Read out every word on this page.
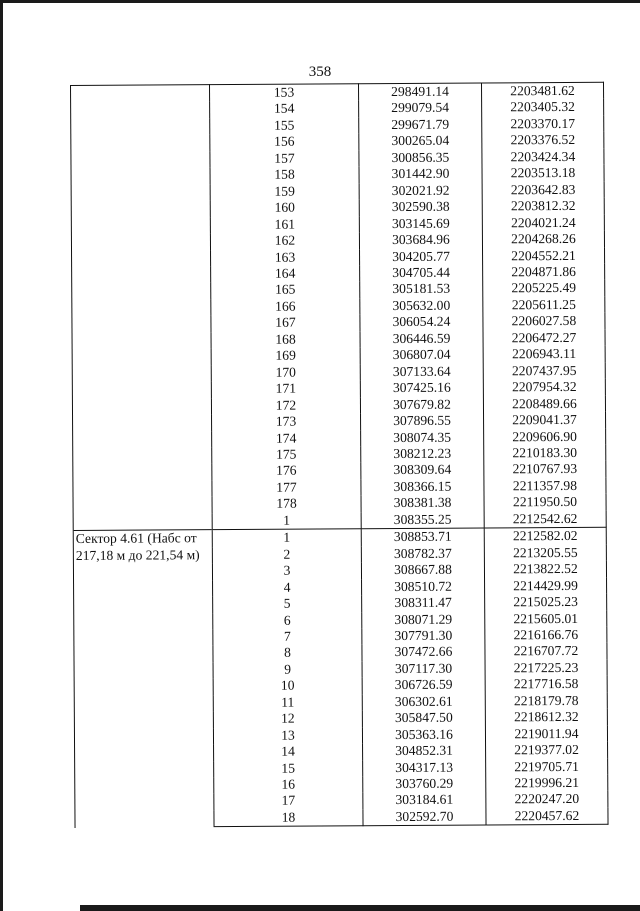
358
	153	298491.14	2203481.62
	154	299079.54	2203405.32
	155	299671.79	2203370.17
	156	300265.04	2203376.52
	157	300856.35	2203424.34
	158	301442.90	2203513.18
	159	302021.92	2203642.83
	160	302590.38	2203812.32
	161	303145.69	2204021.24
	162	303684.96	2204268.26
	163	304205.77	2204552.21
	164	304705.44	2204871.86
	165	305181.53	2205225.49
	166	305632.00	2205611.25
	167	306054.24	2206027.58
	168	306446.59	2206472.27
	169	306807.04	2206943.11
	170	307133.64	2207437.95
	171	307425.16	2207954.32
	172	307679.82	2208489.66
	173	307896.55	2209041.37
	174	308074.35	2209606.90
	175	308212.23	2210183.30
	176	308309.64	2210767.93
	177	308366.15	2211357.98
	178	308381.38	2211950.50
	1	308355.25	2212542.62
Сектор 4.61 (Набс от 217,18 м до 221,54 м)	1	308853.71	2212582.02
	2	308782.37	2213205.55
	3	308667.88	2213822.52
	4	308510.72	2214429.99
	5	308311.47	2215025.23
	6	308071.29	2215605.01
	7	307791.30	2216166.76
	8	307472.66	2216707.72
	9	307117.30	2217225.23
	10	306726.59	2217716.58
	11	306302.61	2218179.78
	12	305847.50	2218612.32
	13	305363.16	2219011.94
	14	304852.31	2219377.02
	15	304317.13	2219705.71
	16	303760.29	2219996.21
	17	303184.61	2220247.20
	18	302592.70	2220457.62
